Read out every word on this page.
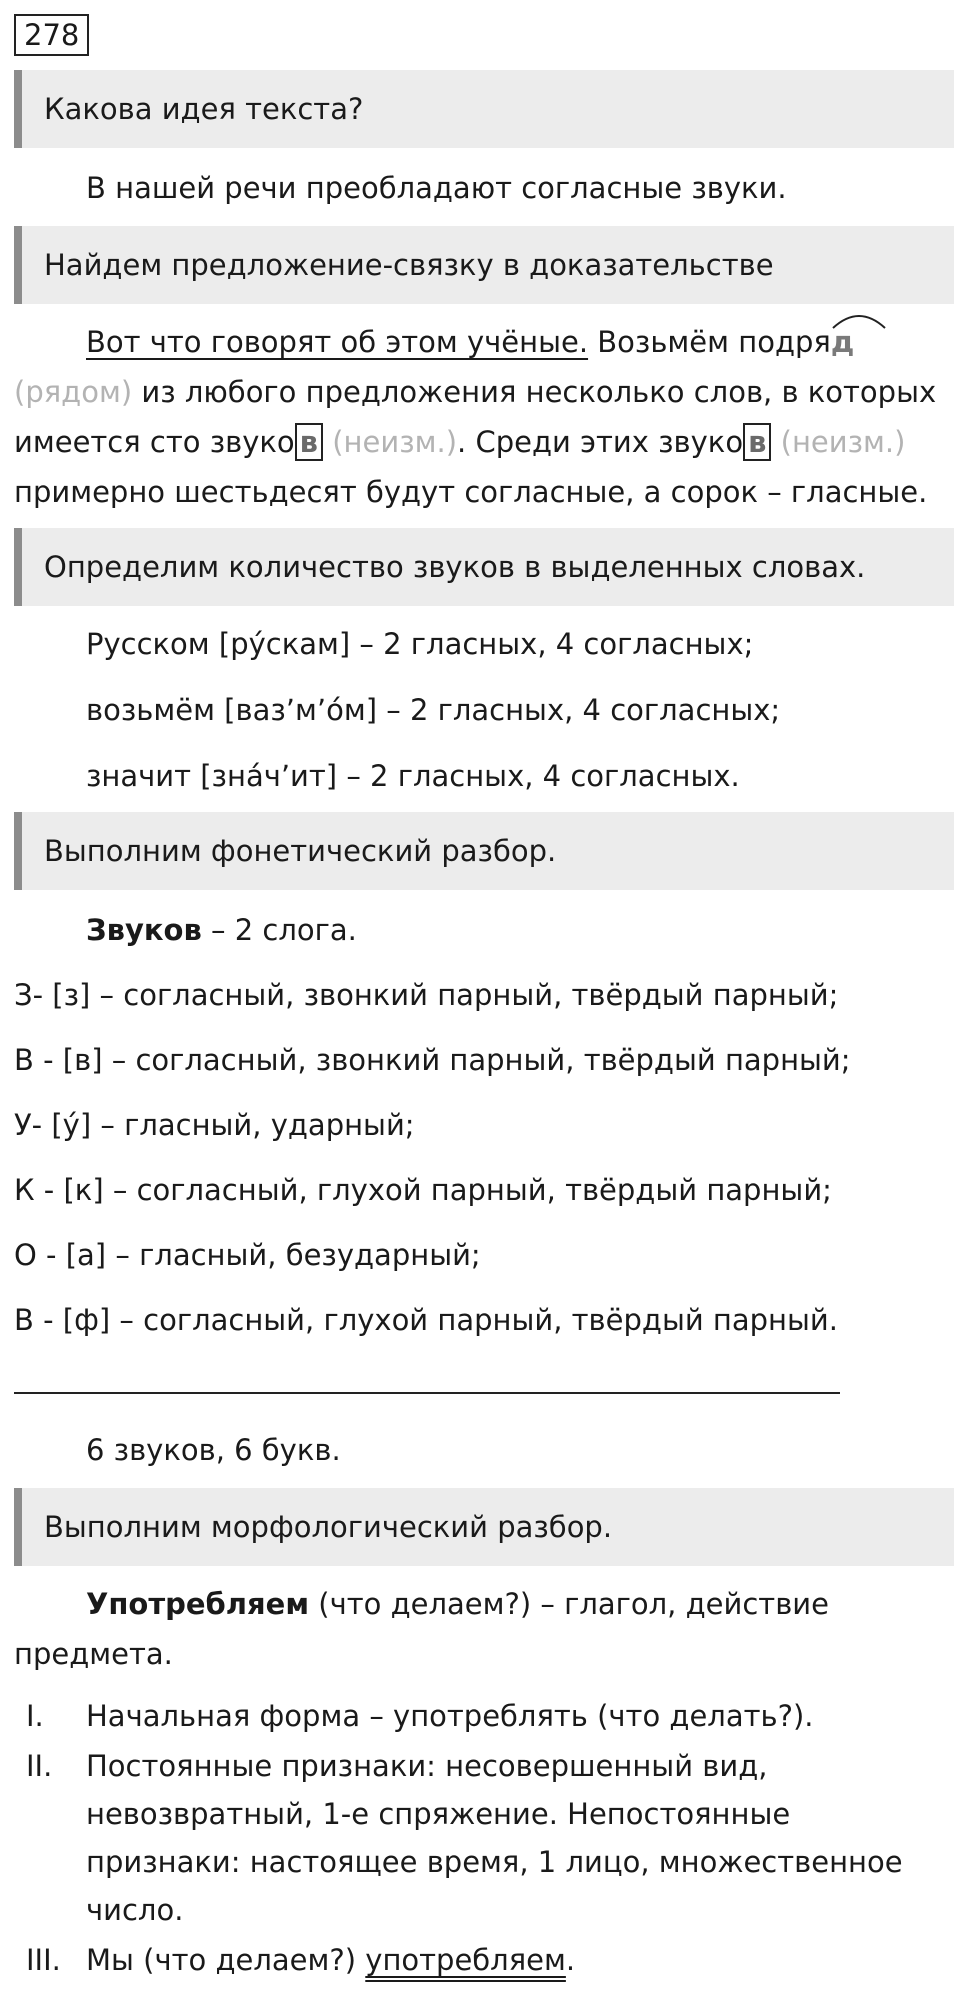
278
Какова идея текста?
В нашей речи преобладают согласные звуки.
Найдем предложение-связку в доказательстве
Вот что говорят об этом учёные. Возьмём подря
д
(рядом) из любого предложения несколько слов, в которых
имеется сто звуко в (неизм.). Среди этих звуко в (неизм.)
примерно шестьдесят будут согласные, а сорок – гласные.
Определим количество звуков в выделенных словах.
Русском [ру́скам] – 2 гласных, 4 согласных;
возьмём [ваз’м’о́м] – 2 гласных, 4 согласных;
значит [зна́ч’ит] – 2 гласных, 4 согласных.
Выполним фонетический разбор.
Звуков – 2 слога.
З- [з] – согласный, звонкий парный, твёрдый парный;
В - [в] – согласный, звонкий парный, твёрдый парный;
У- [у́] – гласный, ударный;
К - [к] – согласный, глухой парный, твёрдый парный;
О - [а] – гласный, безударный;
В - [ф] – согласный, глухой парный, твёрдый парный.
6 звуков, 6 букв.
Выполним морфологический разбор.
Употребляем (что делаем?) – глагол, действие
предмета.
I. Начальная форма – употреблять (что делать?).
II. Постоянные признаки: несовершенный вид,
невозвратный, 1-е спряжение. Непостоянные
признаки: настоящее время, 1 лицо, множественное
число.
III. Мы (что делаем?) употребляем.
